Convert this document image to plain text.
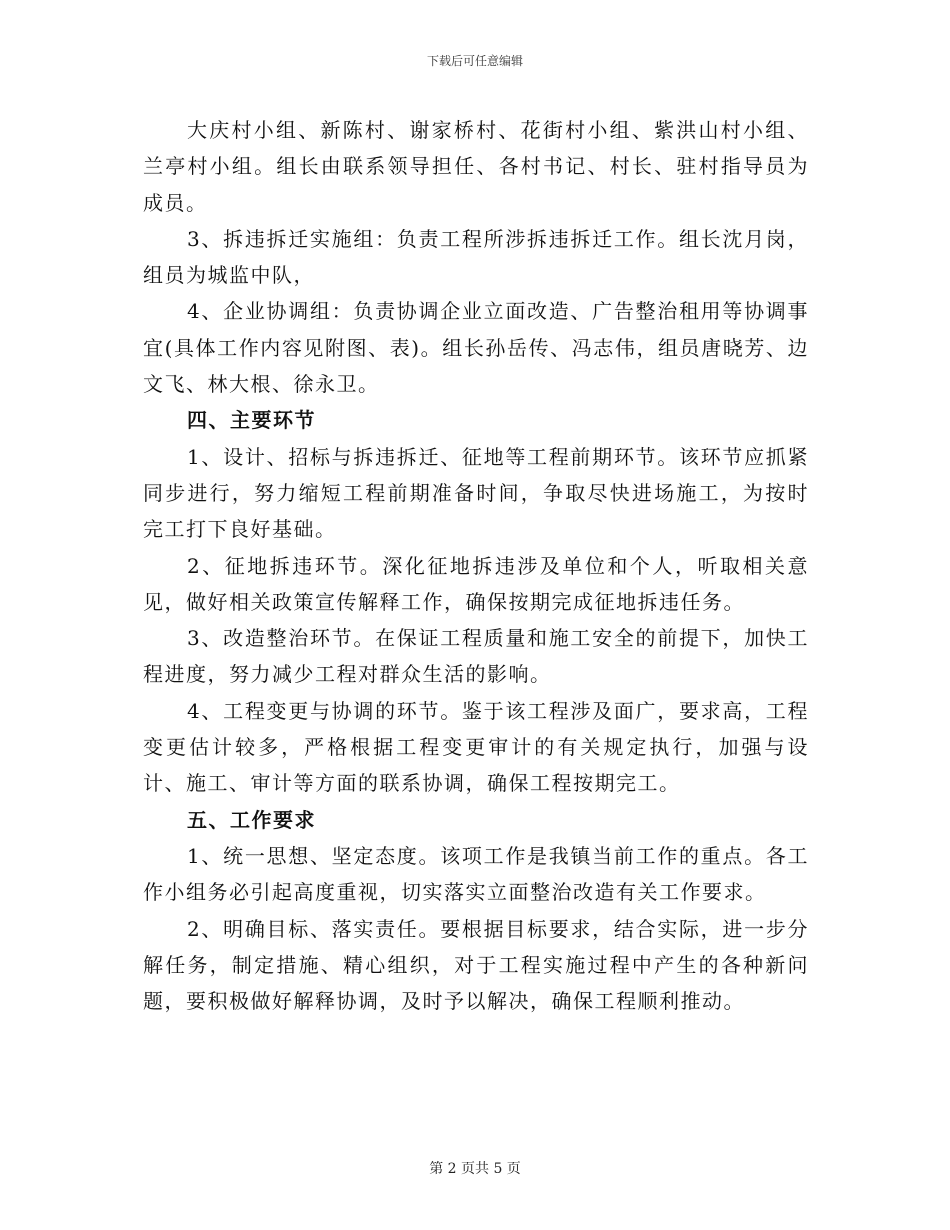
下载后可任意编辑

大庆村小组、新陈村、谢家桥村、花街村小组、紫洪山村小组、兰亭村小组。组长由联系领导担任、各村书记、村长、驻村指导员为成员。

3、拆违拆迁实施组：负责工程所涉拆违拆迁工作。组长沈月岗，组员为城监中队，

4、企业协调组：负责协调企业立面改造、广告整治租用等协调事宜(具体工作内容见附图、表)。组长孙岳传、冯志伟，组员唐晓芳、边文飞、林大根、徐永卫。

四、主要环节

1、设计、招标与拆违拆迁、征地等工程前期环节。该环节应抓紧同步进行，努力缩短工程前期准备时间，争取尽快进场施工，为按时完工打下良好基础。

2、征地拆违环节。深化征地拆违涉及单位和个人，听取相关意见，做好相关政策宣传解释工作，确保按期完成征地拆违任务。

3、改造整治环节。在保证工程质量和施工安全的前提下，加快工程进度，努力减少工程对群众生活的影响。

4、工程变更与协调的环节。鉴于该工程涉及面广，要求高，工程变更估计较多，严格根据工程变更审计的有关规定执行，加强与设计、施工、审计等方面的联系协调，确保工程按期完工。

五、工作要求

1、统一思想、坚定态度。该项工作是我镇当前工作的重点。各工作小组务必引起高度重视，切实落实立面整治改造有关工作要求。

2、明确目标、落实责任。要根据目标要求，结合实际，进一步分解任务，制定措施、精心组织，对于工程实施过程中产生的各种新问题，要积极做好解释协调，及时予以解决，确保工程顺利推动。

第 2 页共 5 页
